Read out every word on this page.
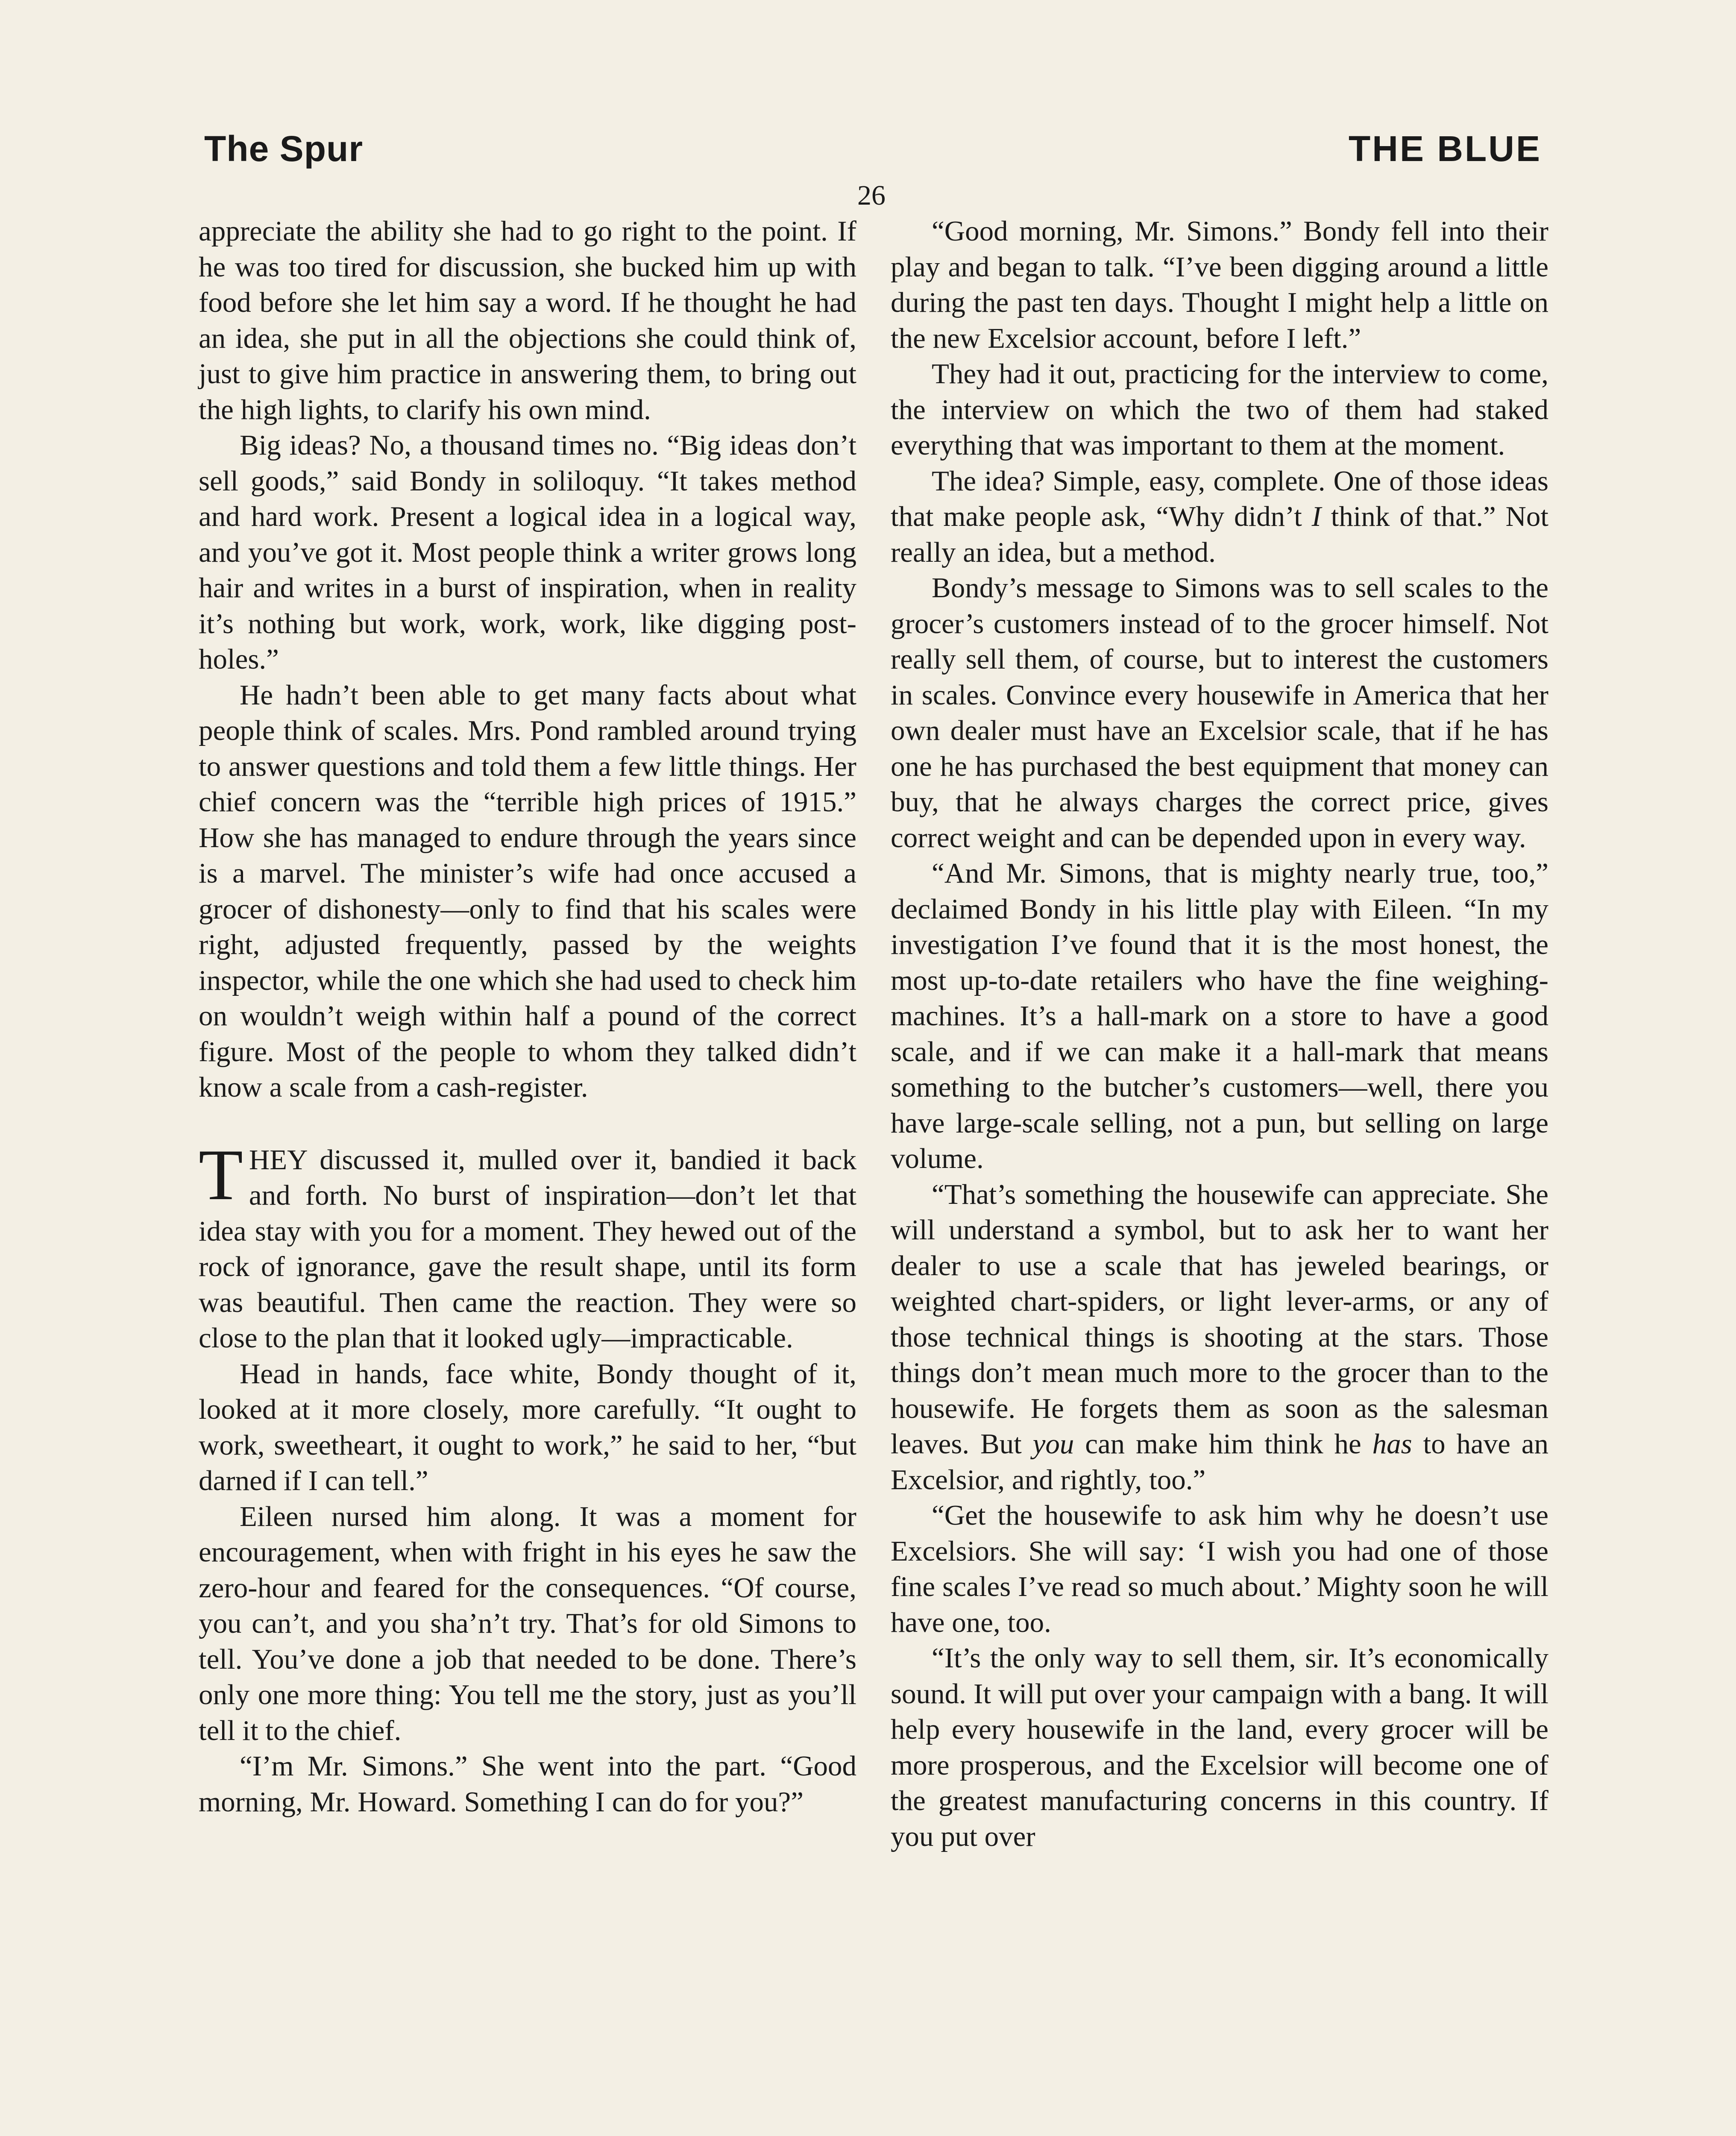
The Spur	THE BLUE
26

appreciate the ability she had to go right to the point. If he was too tired for discussion, she bucked him up with food before she let him say a word. If he thought he had an idea, she put in all the objections she could think of, just to give him practice in answering them, to bring out the high lights, to clarify his own mind.

Big ideas? No, a thousand times no. “Big ideas don’t sell goods,” said Bondy in soliloquy. “It takes method and hard work. Present a logical idea in a logical way, and you’ve got it. Most people think a writer grows long hair and writes in a burst of inspiration, when in reality it’s nothing but work, work, work, like digging post-holes.”

He hadn’t been able to get many facts about what people think of scales. Mrs. Pond rambled around trying to answer questions and told them a few little things. Her chief concern was the “terrible high prices of 1915.” How she has managed to endure through the years since is a marvel. The minister’s wife had once accused a grocer of dishonesty—only to find that his scales were right, adjusted frequently, passed by the weights inspector, while the one which she had used to check him on wouldn’t weigh within half a pound of the correct figure. Most of the people to whom they talked didn’t know a scale from a cash-register.

THEY discussed it, mulled over it, bandied it back and forth. No burst of inspiration—don’t let that idea stay with you for a moment. They hewed out of the rock of ignorance, gave the result shape, until its form was beautiful. Then came the reaction. They were so close to the plan that it looked ugly—impracticable.

Head in hands, face white, Bondy thought of it, looked at it more closely, more carefully. “It ought to work, sweetheart, it ought to work,” he said to her, “but darned if I can tell.”

Eileen nursed him along. It was a moment for encouragement, when with fright in his eyes he saw the zero-hour and feared for the consequences. “Of course, you can’t, and you sha’n’t try. That’s for old Simons to tell. You’ve done a job that needed to be done. There’s only one more thing: You tell me the story, just as you’ll tell it to the chief.

“I’m Mr. Simons.” She went into the part. “Good morning, Mr. Howard. Something I can do for you?”

“Good morning, Mr. Simons.” Bondy fell into their play and began to talk. “I’ve been digging around a little during the past ten days. Thought I might help a little on the new Excelsior account, before I left.”

They had it out, practicing for the interview to come, the interview on which the two of them had staked everything that was important to them at the moment.

The idea? Simple, easy, complete. One of those ideas that make people ask, “Why didn’t I think of that.” Not really an idea, but a method.

Bondy’s message to Simons was to sell scales to the grocer’s customers instead of to the grocer himself. Not really sell them, of course, but to interest the customers in scales. Convince every housewife in America that her own dealer must have an Excelsior scale, that if he has one he has purchased the best equipment that money can buy, that he always charges the correct price, gives correct weight and can be depended upon in every way.

“And Mr. Simons, that is mighty nearly true, too,” declaimed Bondy in his little play with Eileen. “In my investigation I’ve found that it is the most honest, the most up-to-date retailers who have the fine weighing-machines. It’s a hall-mark on a store to have a good scale, and if we can make it a hall-mark that means something to the butcher’s customers—well, there you have large-scale selling, not a pun, but selling on large volume.

“That’s something the housewife can appreciate. She will understand a symbol, but to ask her to want her dealer to use a scale that has jeweled bearings, or weighted chart-spiders, or light lever-arms, or any of those technical things is shooting at the stars. Those things don’t mean much more to the grocer than to the housewife. He forgets them as soon as the salesman leaves. But you can make him think he has to have an Excelsior, and rightly, too.”

“Get the housewife to ask him why he doesn’t use Excelsiors. She will say: ‘I wish you had one of those fine scales I’ve read so much about.’ Mighty soon he will have one, too.

“It’s the only way to sell them, sir. It’s economically sound. It will put over your campaign with a bang. It will help every housewife in the land, every grocer will be more prosperous, and the Excelsior will become one of the greatest manufacturing concerns in this country. If you put over
